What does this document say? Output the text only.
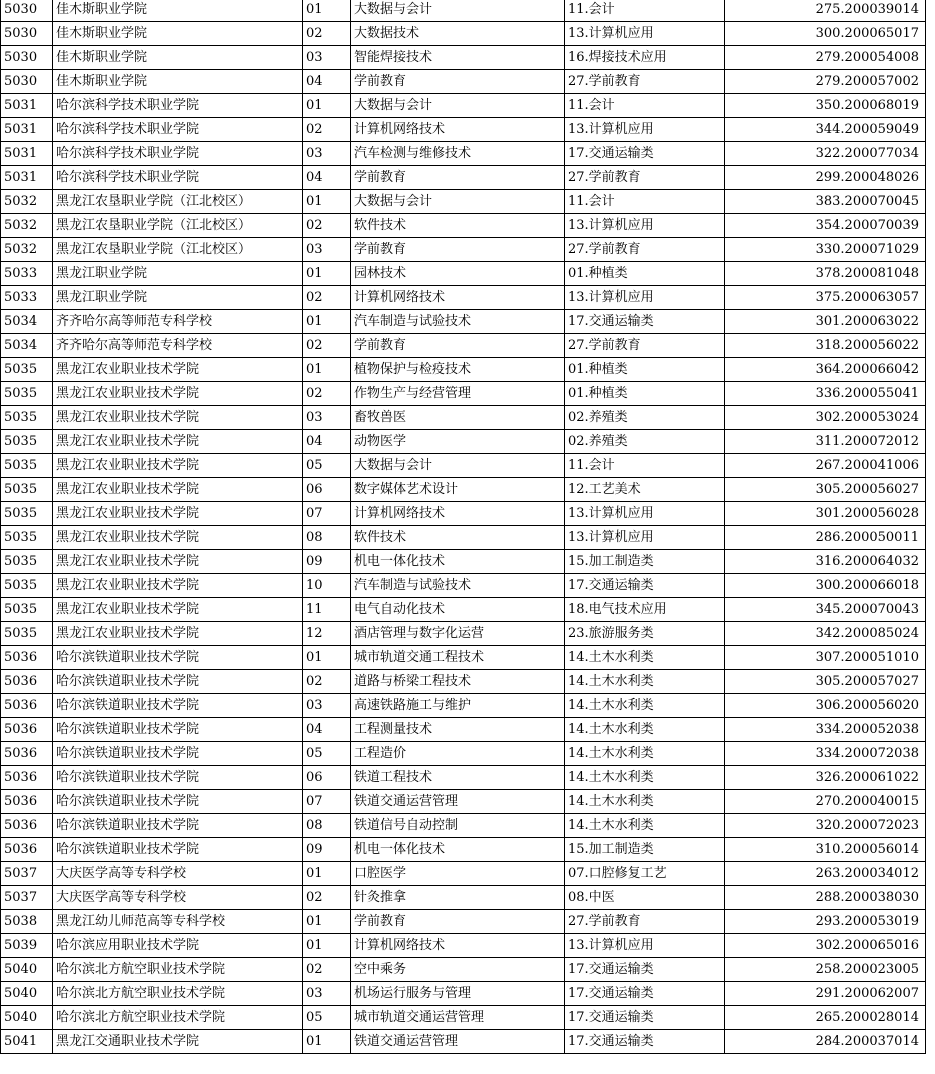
5030	佳木斯职业学院	01	大数据与会计	11.会计	275.200039014
5030	佳木斯职业学院	02	大数据技术	13.计算机应用	300.200065017
5030	佳木斯职业学院	03	智能焊接技术	16.焊接技术应用	279.200054008
5030	佳木斯职业学院	04	学前教育	27.学前教育	279.200057002
5031	哈尔滨科学技术职业学院	01	大数据与会计	11.会计	350.200068019
5031	哈尔滨科学技术职业学院	02	计算机网络技术	13.计算机应用	344.200059049
5031	哈尔滨科学技术职业学院	03	汽车检测与维修技术	17.交通运输类	322.200077034
5031	哈尔滨科学技术职业学院	04	学前教育	27.学前教育	299.200048026
5032	黑龙江农垦职业学院（江北校区）	01	大数据与会计	11.会计	383.200070045
5032	黑龙江农垦职业学院（江北校区）	02	软件技术	13.计算机应用	354.200070039
5032	黑龙江农垦职业学院（江北校区）	03	学前教育	27.学前教育	330.200071029
5033	黑龙江职业学院	01	园林技术	01.种植类	378.200081048
5033	黑龙江职业学院	02	计算机网络技术	13.计算机应用	375.200063057
5034	齐齐哈尔高等师范专科学校	01	汽车制造与试验技术	17.交通运输类	301.200063022
5034	齐齐哈尔高等师范专科学校	02	学前教育	27.学前教育	318.200056022
5035	黑龙江农业职业技术学院	01	植物保护与检疫技术	01.种植类	364.200066042
5035	黑龙江农业职业技术学院	02	作物生产与经营管理	01.种植类	336.200055041
5035	黑龙江农业职业技术学院	03	畜牧兽医	02.养殖类	302.200053024
5035	黑龙江农业职业技术学院	04	动物医学	02.养殖类	311.200072012
5035	黑龙江农业职业技术学院	05	大数据与会计	11.会计	267.200041006
5035	黑龙江农业职业技术学院	06	数字媒体艺术设计	12.工艺美术	305.200056027
5035	黑龙江农业职业技术学院	07	计算机网络技术	13.计算机应用	301.200056028
5035	黑龙江农业职业技术学院	08	软件技术	13.计算机应用	286.200050011
5035	黑龙江农业职业技术学院	09	机电一体化技术	15.加工制造类	316.200064032
5035	黑龙江农业职业技术学院	10	汽车制造与试验技术	17.交通运输类	300.200066018
5035	黑龙江农业职业技术学院	11	电气自动化技术	18.电气技术应用	345.200070043
5035	黑龙江农业职业技术学院	12	酒店管理与数字化运营	23.旅游服务类	342.200085024
5036	哈尔滨铁道职业技术学院	01	城市轨道交通工程技术	14.土木水利类	307.200051010
5036	哈尔滨铁道职业技术学院	02	道路与桥梁工程技术	14.土木水利类	305.200057027
5036	哈尔滨铁道职业技术学院	03	高速铁路施工与维护	14.土木水利类	306.200056020
5036	哈尔滨铁道职业技术学院	04	工程测量技术	14.土木水利类	334.200052038
5036	哈尔滨铁道职业技术学院	05	工程造价	14.土木水利类	334.200072038
5036	哈尔滨铁道职业技术学院	06	铁道工程技术	14.土木水利类	326.200061022
5036	哈尔滨铁道职业技术学院	07	铁道交通运营管理	14.土木水利类	270.200040015
5036	哈尔滨铁道职业技术学院	08	铁道信号自动控制	14.土木水利类	320.200072023
5036	哈尔滨铁道职业技术学院	09	机电一体化技术	15.加工制造类	310.200056014
5037	大庆医学高等专科学校	01	口腔医学	07.口腔修复工艺	263.200034012
5037	大庆医学高等专科学校	02	针灸推拿	08.中医	288.200038030
5038	黑龙江幼儿师范高等专科学校	01	学前教育	27.学前教育	293.200053019
5039	哈尔滨应用职业技术学院	01	计算机网络技术	13.计算机应用	302.200065016
5040	哈尔滨北方航空职业技术学院	02	空中乘务	17.交通运输类	258.200023005
5040	哈尔滨北方航空职业技术学院	03	机场运行服务与管理	17.交通运输类	291.200062007
5040	哈尔滨北方航空职业技术学院	05	城市轨道交通运营管理	17.交通运输类	265.200028014
5041	黑龙江交通职业技术学院	01	铁道交通运营管理	17.交通运输类	284.200037014
